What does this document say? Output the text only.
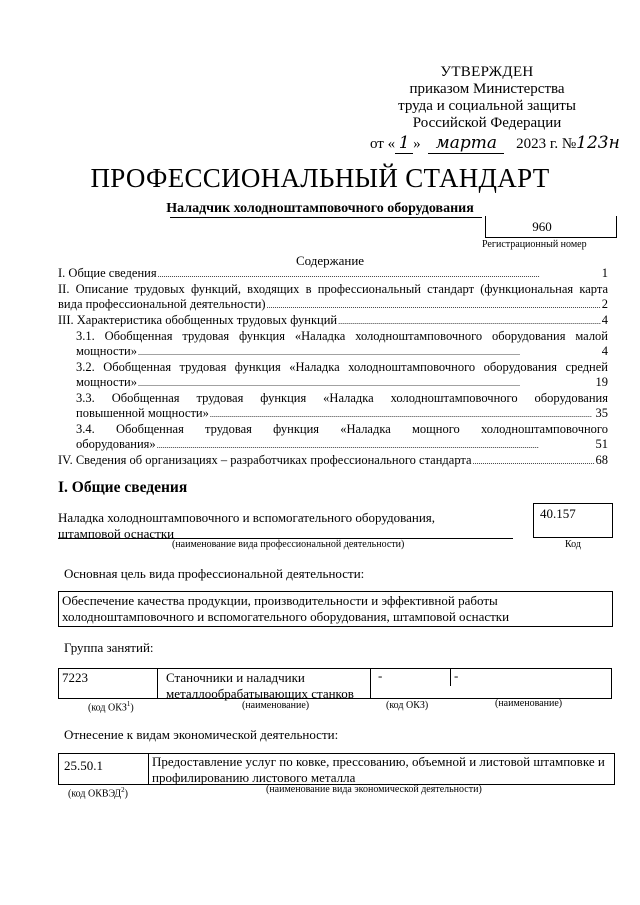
УТВЕРЖДЕН
приказом Министерства
труда и социальной защиты
Российской Федерации
от « 1 » марта 2023 г. №123н
ПРОФЕССИОНАЛЬНЫЙ СТАНДАРТ
Наладчик холодноштамповочного оборудования
960
Регистрационный номер
Содержание
I. Общие сведения . . .	1
II. Описание трудовых функций, входящих в профессиональный стандарт (функциональная карта
вида профессиональной деятельности) . . .	2
III. Характеристика обобщенных трудовых функций . . .	4
3.1. Обобщенная трудовая функция «Наладка холодноштамповочного оборудования малой
мощности» . . .	4
3.2. Обобщенная трудовая функция «Наладка холодноштамповочного оборудования средней
мощности» . . .	19
3.3. Обобщенная трудовая функция «Наладка холодноштамповочного оборудования
повышенной мощности» . . .	35
3.4. Обобщенная трудовая функция «Наладка мощного холодноштамповочного
оборудования» . . .	51
IV. Сведения об организациях – разработчиках профессионального стандарта . . .	68
I. Общие сведения
Наладка холодноштамповочного и вспомогательного оборудования,
штамповой оснастки
(наименование вида профессиональной деятельности)
40.157
Код
Основная цель вида профессиональной деятельности:
Обеспечение качества продукции, производительности и эффективной работы
холодноштамповочного и вспомогательного оборудования, штамповой оснастки
Группа занятий:
7223	Станочники и наладчики
металлообрабатывающих станков
-	-
(код ОКЗ$^1$)	(наименование)	(код ОКЗ)	(наименование)
Отнесение к видам экономической деятельности:
25.50.1	Предоставление услуг по ковке, прессованию, объемной и листовой штамповке и
профилированию листового металла
(код ОКВЭД$^2$)	(наименование вида экономической деятельности)
